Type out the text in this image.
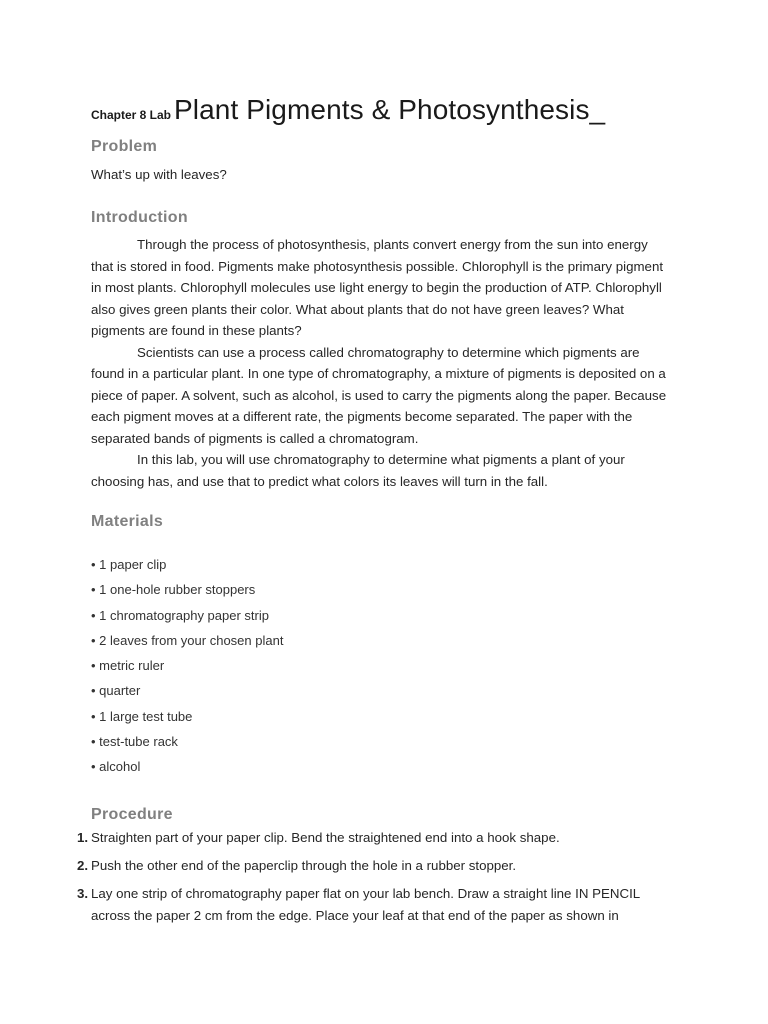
Chapter 8 Lab Plant Pigments & Photosynthesis_
Problem
What’s up with leaves?
Introduction

Through the process of photosynthesis, plants convert energy from the sun into energy that is stored in food. Pigments make photosynthesis possible. Chlorophyll is the primary pigment in most plants. Chlorophyll molecules use light energy to begin the production of ATP. Chlorophyll also gives green plants their color. What about plants that do not have green leaves? What pigments are found in these plants?

Scientists can use a process called chromatography to determine which pigments are found in a particular plant. In one type of chromatography, a mixture of pigments is deposited on a piece of paper. A solvent, such as alcohol, is used to carry the pigments along the paper. Because each pigment moves at a different rate, the pigments become separated. The paper with the separated bands of pigments is called a chromatogram.

In this lab, you will use chromatography to determine what pigments a plant of your choosing has, and use that to predict what colors its leaves will turn in the fall.

Materials
• 1 paper clip
• 1 one-hole rubber stoppers
• 1 chromatography paper strip
• 2 leaves from your chosen plant
• metric ruler
• quarter
• 1 large test tube
• test-tube rack
• alcohol
Procedure
1. Straighten part of your paper clip. Bend the straightened end into a hook shape.
2. Push the other end of the paperclip through the hole in a rubber stopper.
3. Lay one strip of chromatography paper flat on your lab bench. Draw a straight line IN PENCIL across the paper 2 cm from the edge. Place your leaf at that end of the paper as shown in
